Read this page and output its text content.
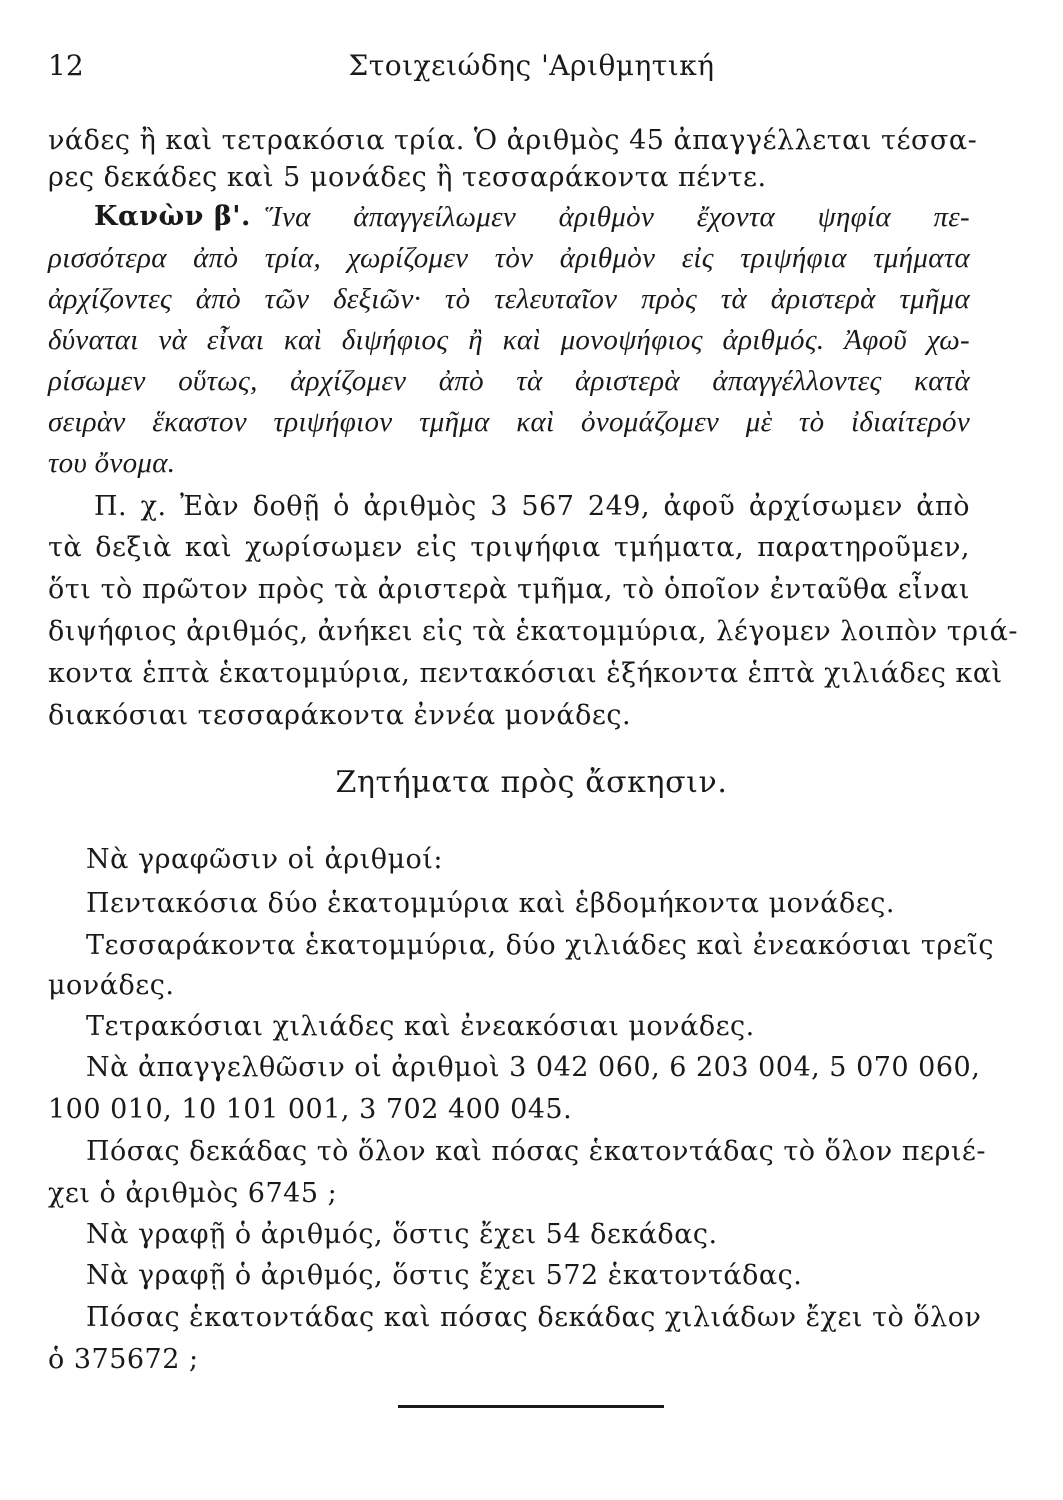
12	Στοιχειώδης 'Αριθμητική
νάδες ἢ καὶ τετρακόσια τρία. Ὁ ἀριθμὸς 45 ἀπαγγέλλεται τέσσα-
ρες δεκάδες καὶ 5 μονάδες ἢ τεσσαράκοντα πέντε.
Κανὼν β'. Ἵνα ἀπαγγείλωμεν ἀριθμὸν ἔχοντα ψηφία πε-
ρισσότερα ἀπὸ τρία, χωρίζομεν τὸν ἀριθμὸν εἰς τριψήφια τμήματα
ἀρχίζοντες ἀπὸ τῶν δεξιῶν· τὸ τελευταῖον πρὸς τὰ ἀριστερὰ τμῆμα
δύναται νὰ εἶναι καὶ διψήφιος ἢ καὶ μονοψήφιος ἀριθμός. Ἀφοῦ χω-
ρίσωμεν οὕτως, ἀρχίζομεν ἀπὸ τὰ ἀριστερὰ ἀπαγγέλλοντες κατὰ
σειρὰν ἕκαστον τριψήφιον τμῆμα καὶ ὀνομάζομεν μὲ τὸ ἰδιαίτερόν
του ὄνομα.
Π. χ. Ἐὰν δοθῇ ὁ ἀριθμὸς 3 567 249, ἀφοῦ ἀρχίσωμεν ἀπὸ
τὰ δεξιὰ καὶ χωρίσωμεν εἰς τριψήφια τμήματα, παρατηροῦμεν,
ὅτι τὸ πρῶτον πρὸς τὰ ἀριστερὰ τμῆμα, τὸ ὁποῖον ἐνταῦθα εἶναι
διψήφιος ἀριθμός, ἀνήκει εἰς τὰ ἑκατομμύρια, λέγομεν λοιπὸν τριά-
κοντα ἑπτὰ ἑκατομμύρια, πεντακόσιαι ἑξήκοντα ἑπτὰ χιλιάδες καὶ
διακόσιαι τεσσαράκοντα ἐννέα μονάδες.
Ζητήματα πρὸς ἄσκησιν.
Νὰ γραφῶσιν οἱ ἀριθμοί:
Πεντακόσια δύο ἑκατομμύρια καὶ ἑβδομήκοντα μονάδες.
Τεσσαράκοντα ἑκατομμύρια, δύο χιλιάδες καὶ ἐνεακόσιαι τρεῖς
μονάδες.
Τετρακόσιαι χιλιάδες καὶ ἐνεακόσιαι μονάδες.
Νὰ ἀπαγγελθῶσιν οἱ ἀριθμοὶ 3 042 060, 6 203 004, 5 070 060,
100 010, 10 101 001, 3 702 400 045.
Πόσας δεκάδας τὸ ὅλον καὶ πόσας ἑκατοντάδας τὸ ὅλον περιέ-
χει ὁ ἀριθμὸς 6745 ;
Νὰ γραφῇ ὁ ἀριθμός, ὅστις ἔχει 54 δεκάδας.
Νὰ γραφῇ ὁ ἀριθμός, ὅστις ἔχει 572 ἑκατοντάδας.
Πόσας ἑκατοντάδας καὶ πόσας δεκάδας χιλιάδων ἔχει τὸ ὅλον
ὁ 375672 ;
